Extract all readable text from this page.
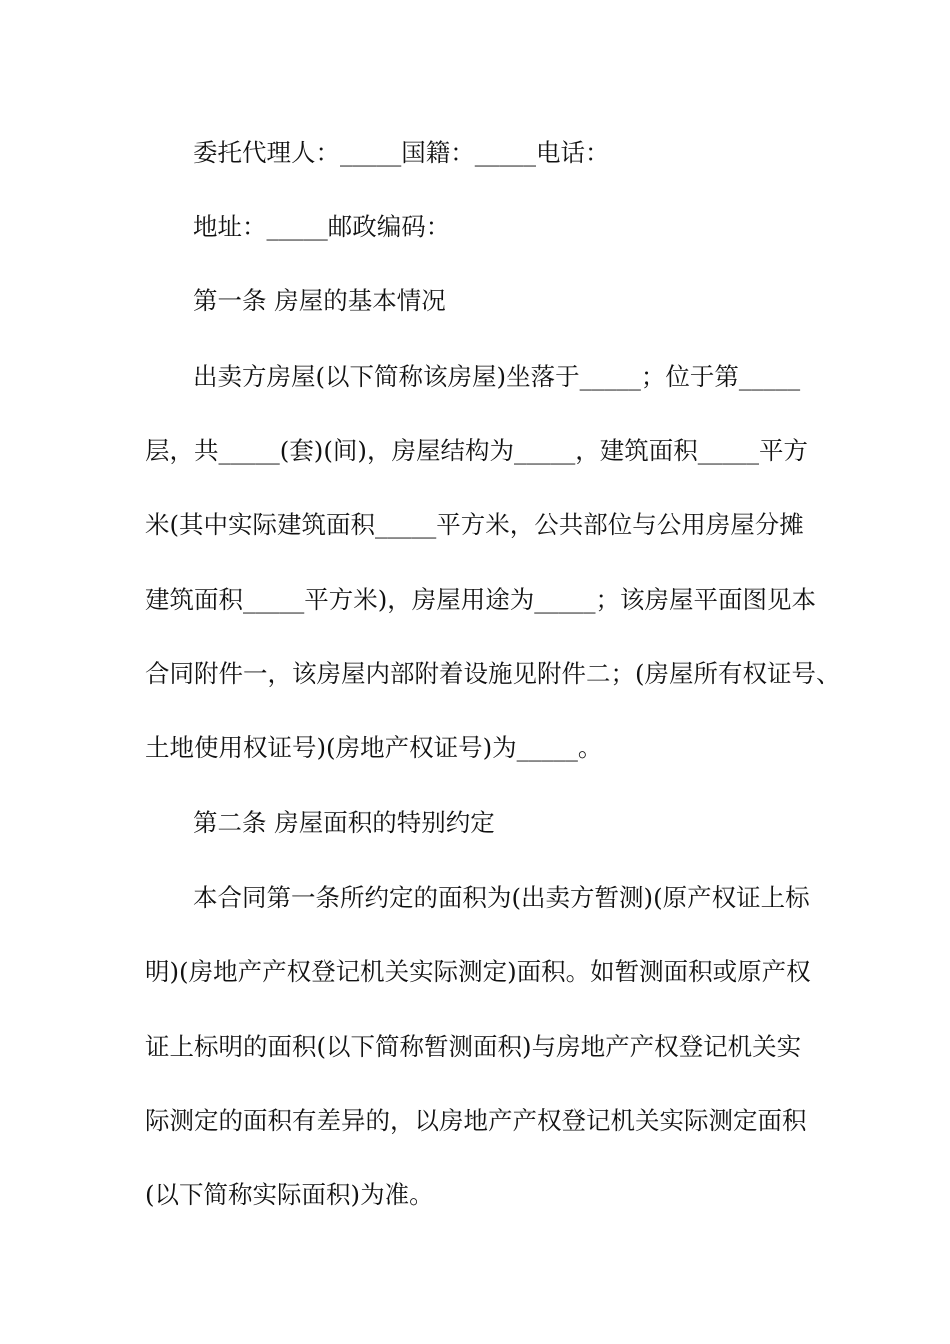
委托代理人：_____国籍：_____电话：
地址：_____邮政编码：
第一条 房屋的基本情况
出卖方房屋(以下简称该房屋)坐落于_____；位于第_____
层，共_____(套)(间)，房屋结构为_____，建筑面积_____平方
米(其中实际建筑面积_____平方米，公共部位与公用房屋分摊
建筑面积_____平方米)，房屋用途为_____；该房屋平面图见本
合同附件一，该房屋内部附着设施见附件二；(房屋所有权证号、
土地使用权证号)(房地产权证号)为_____。
第二条 房屋面积的特别约定
本合同第一条所约定的面积为(出卖方暂测)(原产权证上标
明)(房地产产权登记机关实际测定)面积。如暂测面积或原产权
证上标明的面积(以下简称暂测面积)与房地产产权登记机关实
际测定的面积有差异的，以房地产产权登记机关实际测定面积
(以下简称实际面积)为准。
